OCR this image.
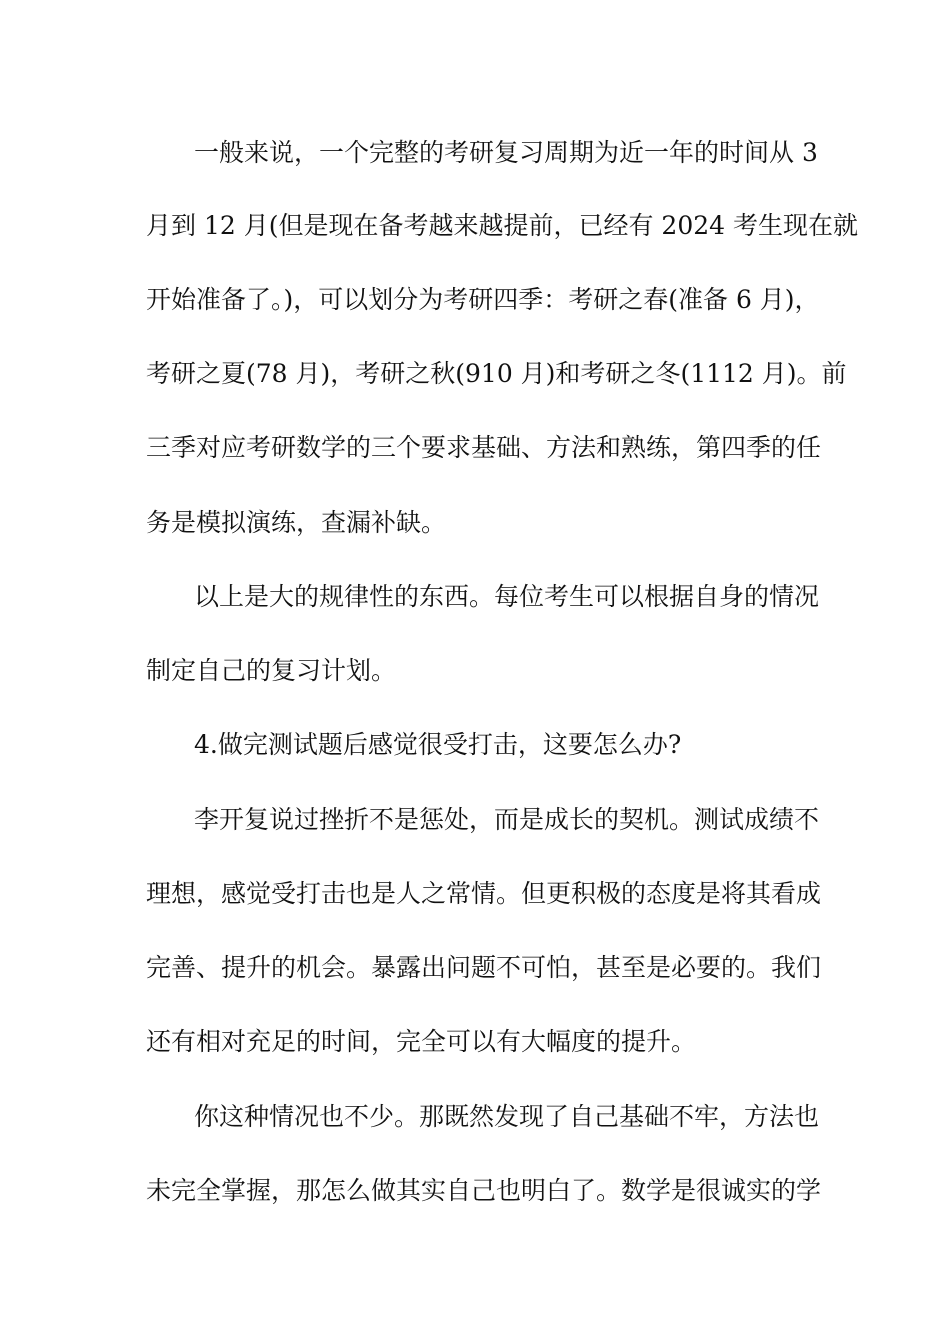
一般来说，一个完整的考研复习周期为近一年的时间从 3
月到 12 月(但是现在备考越来越提前，已经有 2024 考生现在就
开始准备了。)，可以划分为考研四季：考研之春(准备 6 月)，
考研之夏(78 月)，考研之秋(910 月)和考研之冬(1112 月)。前
三季对应考研数学的三个要求基础、方法和熟练，第四季的任
务是模拟演练，查漏补缺。
以上是大的规律性的东西。每位考生可以根据自身的情况
制定自己的复习计划。
4.做完测试题后感觉很受打击，这要怎么办?
李开复说过挫折不是惩处，而是成长的契机。测试成绩不
理想，感觉受打击也是人之常情。但更积极的态度是将其看成
完善、提升的机会。暴露出问题不可怕，甚至是必要的。我们
还有相对充足的时间，完全可以有大幅度的提升。
你这种情况也不少。那既然发现了自己基础不牢，方法也
未完全掌握，那怎么做其实自己也明白了。数学是很诚实的学
